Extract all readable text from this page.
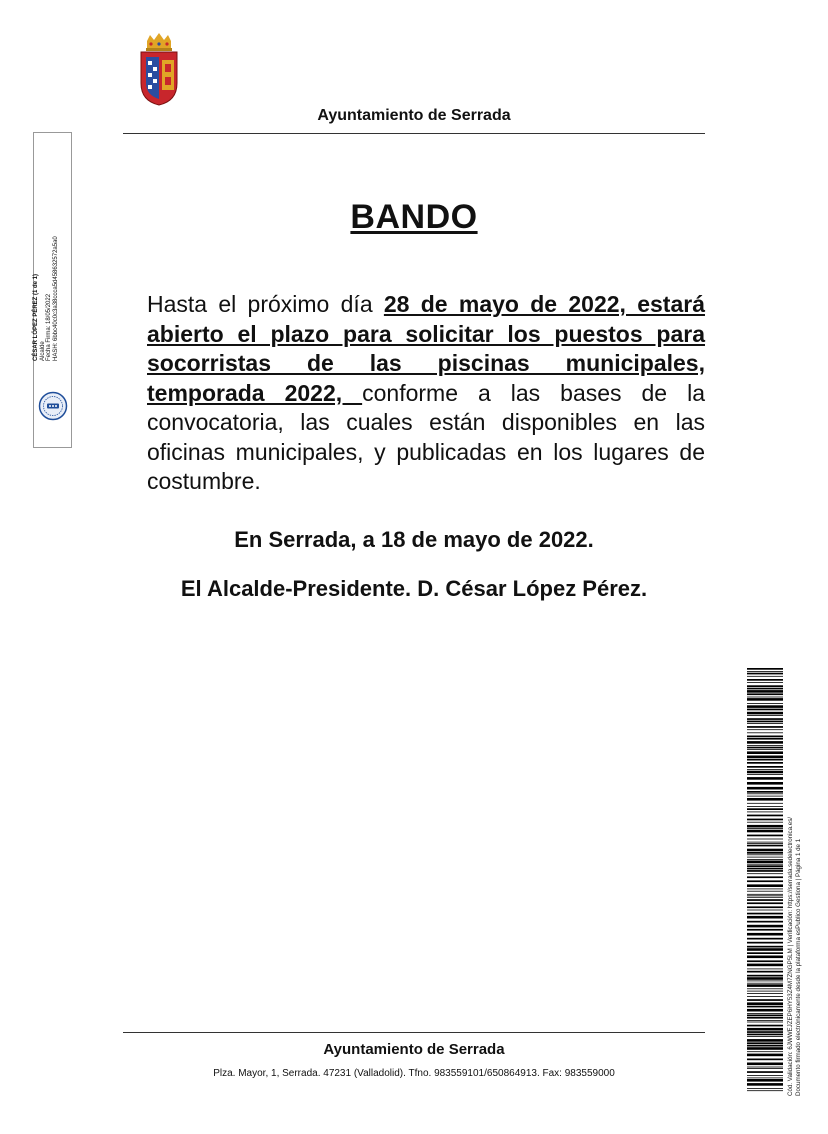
Ayuntamiento de Serrada
BANDO

Hasta el próximo día 28 de mayo de 2022, estará abierto el plazo para solicitar los puestos para socorristas de las piscinas municipales, temporada 2022, conforme a las bases de la convocatoria, las cuales están disponibles en las oficinas municipales, y publicadas en los lugares de costumbre.

En Serrada, a 18 de mayo de 2022.
El Alcalde-Presidente. D. César López Pérez.
Ayuntamiento de Serrada
Plza. Mayor, 1, Serrada. 47231 (Valladolid). Tfno. 983559101/650864913. Fax: 983559000
CÉSAR LÓPEZ PÉREZ (1 de 1) Alcalde Fecha Firma: 18/05/2022 HASH: 6bbc40c0c3a38ccca5d458632572a5a0
Cód. Validación: 6JWWEJZEP6HY53Z4M7ZNGP5LM | Verificación: https://serrada.sedelectronica.es/ Documento firmado electrónicamente desde la plataforma esPublico Gestiona | Página 1 de 1
